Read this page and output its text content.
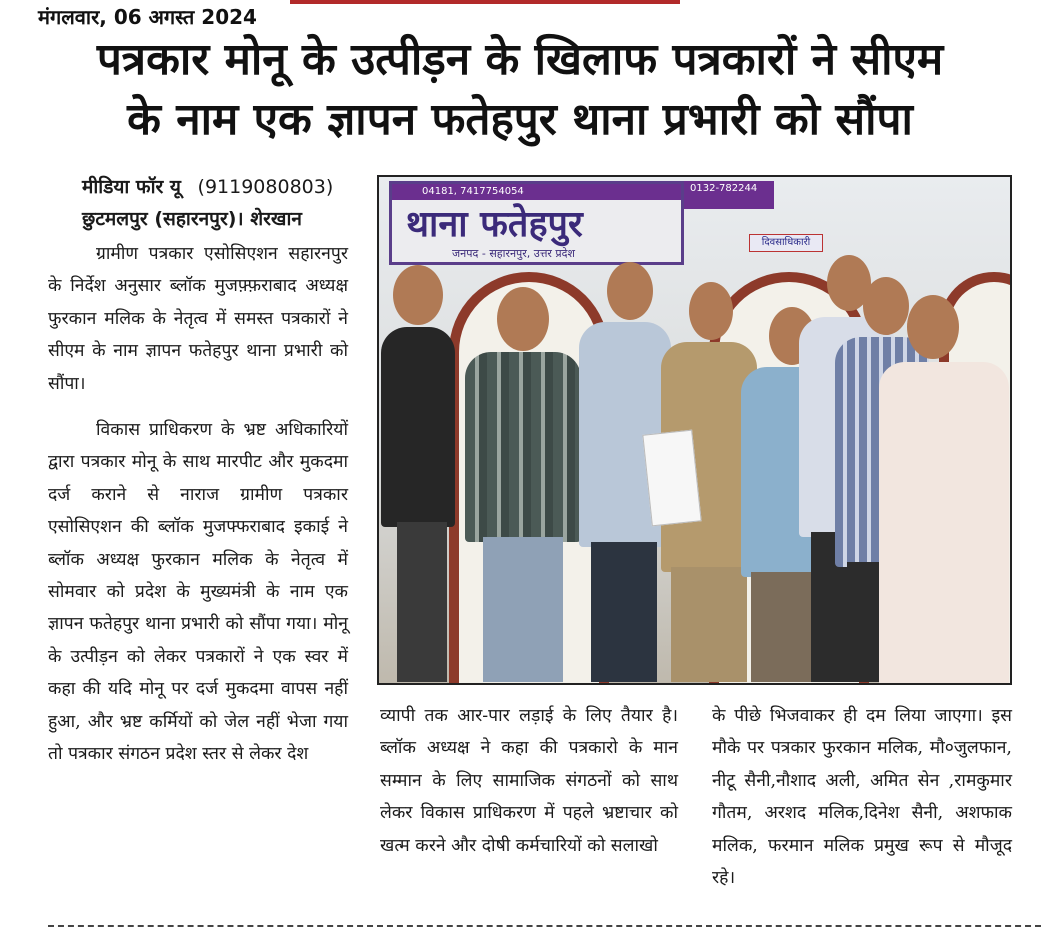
मंगलवार, 06 अगस्त 2024
पत्रकार मोनू के उत्पीड़न के खिलाफ पत्रकारों ने सीएम
के नाम एक ज्ञापन फतेहपुर थाना प्रभारी को सौंपा
मीडिया फॉर यू (9119080803)
छुटमलपुर (सहारनपुर)। शेरखान

ग्रामीण पत्रकार एसोसिएशन सहारनपुर के निर्देश अनुसार ब्लॉक मुजफ़्फ़राबाद अध्यक्ष फुरकान मलिक के नेतृत्व में समस्त पत्रकारों ने सीएम के नाम ज्ञापन फतेहपुर थाना प्रभारी को सौंपा।

विकास प्राधिकरण के भ्रष्ट अधिकारियों द्वारा पत्रकार मोनू के साथ मारपीट और मुकदमा दर्ज कराने से नाराज ग्रामीण पत्रकार एसोसिएशन की ब्लॉक मुजफ्फराबाद इकाई ने ब्लॉक अध्यक्ष फुरकान मलिक के नेतृत्व में सोमवार को प्रदेश के मुख्यमंत्री के नाम एक ज्ञापन फतेहपुर थाना प्रभारी को सौंपा गया। मोनू के उत्पीड़न को लेकर पत्रकारों ने एक स्वर में कहा की यदि मोनू पर दर्ज मुकदमा वापस नहीं हुआ, और भ्रष्ट कर्मियों को जेल नहीं भेजा गया तो पत्रकार संगठन प्रदेश स्तर से लेकर देश

04181, 7417754054
थाना फतेहपुर
जनपद - सहारनपुर, उत्तर प्रदेश
0132-782244
दिवसाधिकारी

व्यापी तक आर-पार लड़ाई के लिए तैयार है। ब्लॉक अध्यक्ष ने कहा की पत्रकारो के मान सम्मान के लिए सामाजिक संगठनों को साथ लेकर विकास प्राधिकरण में पहले भ्रष्टाचार को खत्म करने और दोषी कर्मचारियों को सलाखो

के पीछे भिजवाकर ही दम लिया जाएगा। इस मौके पर पत्रकार फुरकान मलिक, मौ०जुलफान, नीटू सैनी,नौशाद अली, अमित सेन ,रामकुमार गौतम, अरशद मलिक,दिनेश सैनी, अशफाक मलिक, फरमान मलिक प्रमुख रूप से मौजूद रहे।
